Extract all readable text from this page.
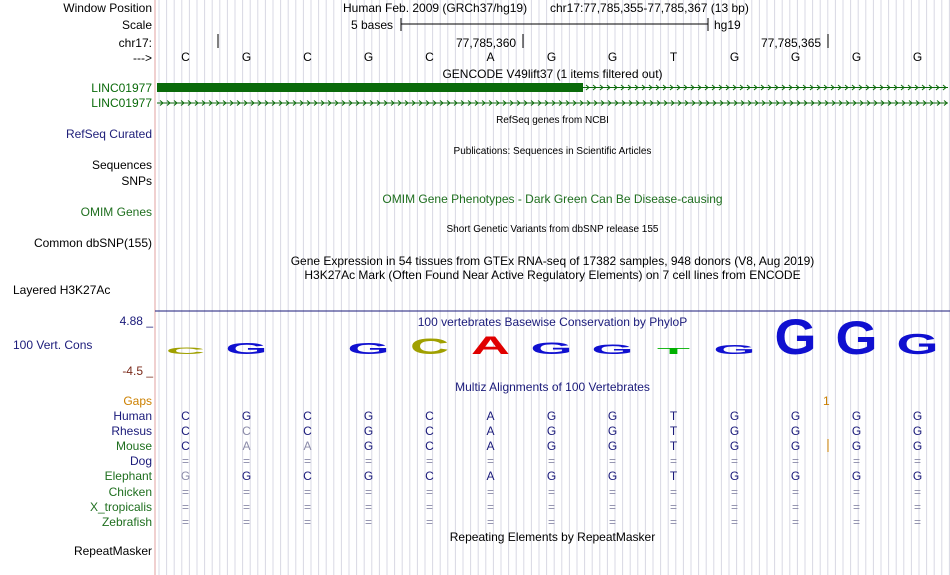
C G G C A G G T G G G G
Window Position	Human Feb. 2009 (GRCh37/hg19) chr17:77,785,355-77,785,367 (13 bp)
Scale	5 bases	hg19
chr17:	77,785,360	77,785,365
--->	C	G	C	G	C	A	G	G	T	G	G	G	G
GENCODE V49lift37 (1 items filtered out)
LINC01977
LINC01977
RefSeq genes from NCBI
RefSeq Curated
Publications: Sequences in Scientific Articles
Sequences
SNPs
OMIM Gene Phenotypes - Dark Green Can Be Disease-causing
OMIM Genes
Short Genetic Variants from dbSNP release 155
Common dbSNP(155)
Gene Expression in 54 tissues from GTEx RNA-seq of 17382 samples, 948 donors (V8, Aug 2019)
H3K27Ac Mark (Often Found Near Active Regulatory Elements) on 7 cell lines from ENCODE
Layered H3K27Ac
4.88 _	100 vertebrates Basewise Conservation by PhyloP
100 Vert. Cons
-4.5 _
Multiz Alignments of 100 Vertebrates
Gaps	1
Human	C	G	C	G	C	A	G	G	T	G	G	G	G
Rhesus	C	C	C	G	C	A	G	G	T	G	G	G	G
Mouse	C	A	A	G	C	A	G	G	T	G	G	G	G
Dog	=	=	=	=	=	=	=	=	=	=	=	=	=
Elephant	G	G	C	G	C	A	G	G	T	G	G	G	G
Chicken	=	=	=	=	=	=	=	=	=	=	=	=	=
X_tropicalis	=	=	=	=	=	=	=	=	=	=	=	=	=
Zebrafish	=	=	=	=	=	=	=	=	=	=	=	=	=
Repeating Elements by RepeatMasker
RepeatMasker
